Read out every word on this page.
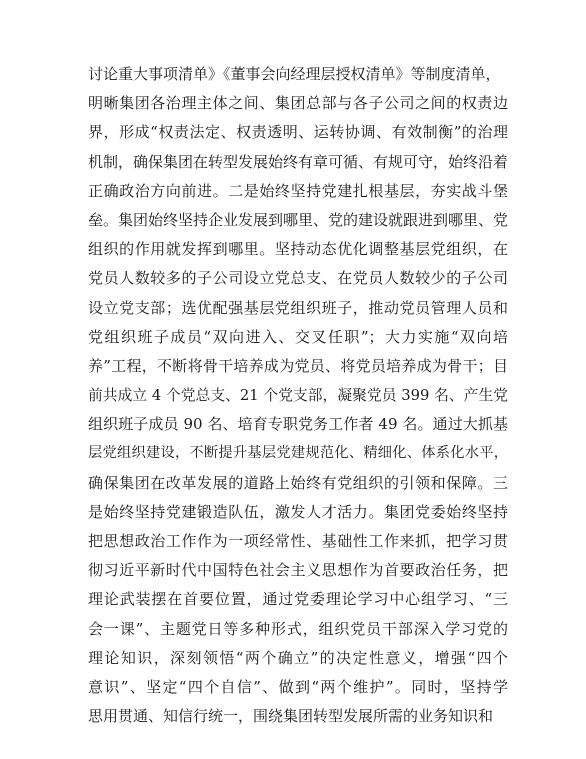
讨论重大事项清单》《董事会向经理层授权清单》等制度清单，
明晰集团各治理主体之间、集团总部与各子公司之间的权责边
界，形成“权责法定、权责透明、运转协调、有效制衡”的治理
机制，确保集团在转型发展始终有章可循、有规可守，始终沿着
正确政治方向前进。二是始终坚持党建扎根基层，夯实战斗堡
垒。集团始终坚持企业发展到哪里、党的建设就跟进到哪里、党
组织的作用就发挥到哪里。坚持动态优化调整基层党组织，在
党员人数较多的子公司设立党总支、在党员人数较少的子公司
设立党支部；选优配强基层党组织班子，推动党员管理人员和
党组织班子成员“双向进入、交叉任职”；大力实施“双向培
养”工程，不断将骨干培养成为党员、将党员培养成为骨干；目
前共成立 4 个党总支、21 个党支部，凝聚党员 399 名、产生党
组织班子成员 90 名、培育专职党务工作者 49 名。通过大抓基
层党组织建设，不断提升基层党建规范化、精细化、体系化水平，
确保集团在改革发展的道路上始终有党组织的引领和保障。三
是始终坚持党建锻造队伍，激发人才活力。集团党委始终坚持
把思想政治工作作为一项经常性、基础性工作来抓，把学习贯
彻习近平新时代中国特色社会主义思想作为首要政治任务，把
理论武装摆在首要位置，通过党委理论学习中心组学习、“三
会一课”、主题党日等多种形式，组织党员干部深入学习党的
理论知识，深刻领悟“两个确立”的决定性意义，增强“四个
意识”、坚定“四个自信”、做到“两个维护”。同时，坚持学
思用贯通、知信行统一，围绕集团转型发展所需的业务知识和
